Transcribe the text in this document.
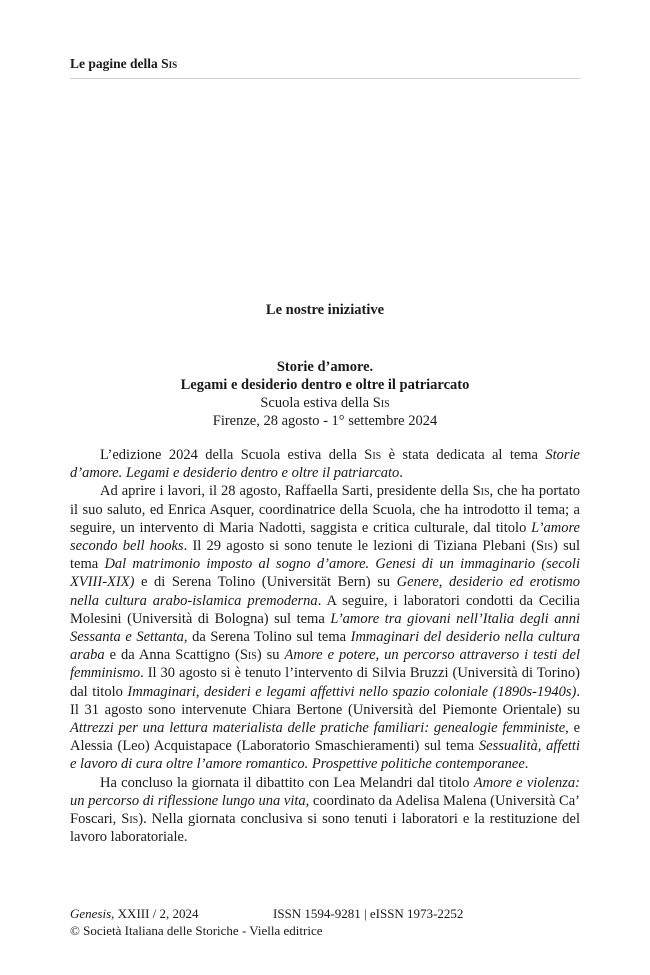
Le pagine della Sis
Le nostre iniziative
Storie d’amore.
Legami e desiderio dentro e oltre il patriarcato
Scuola estiva della Sis
Firenze, 28 agosto - 1° settembre 2024

L’edizione 2024 della Scuola estiva della Sis è stata dedicata al tema Storie d’amore. Legami e desiderio dentro e oltre il patriarcato.

Ad aprire i lavori, il 28 agosto, Raffaella Sarti, presidente della Sis, che ha portato il suo saluto, ed Enrica Asquer, coordinatrice della Scuola, che ha introdotto il tema; a seguire, un intervento di Maria Nadotti, saggista e critica culturale, dal titolo L’amore secondo bell hooks. Il 29 agosto si sono tenute le lezioni di Tiziana Plebani (Sis) sul tema Dal matrimonio imposto al sogno d’amore. Genesi di un immaginario (secoli XVIII-XIX) e di Serena Tolino (Universität Bern) su Genere, desiderio ed erotismo nella cultura arabo-islamica premoderna. A seguire, i laboratori condotti da Cecilia Molesini (Università di Bologna) sul tema L’amore tra giovani nell’Italia degli anni Sessanta e Settanta, da Serena Tolino sul tema Immaginari del desiderio nella cultura araba e da Anna Scattigno (Sis) su Amore e potere, un percorso attraverso i testi del femminismo. Il 30 agosto si è tenuto l’intervento di Silvia Bruzzi (Università di Torino) dal titolo Immaginari, desideri e legami affettivi nello spazio coloniale (1890s-1940s). Il 31 agosto sono intervenute Chiara Bertone (Università del Piemonte Orientale) su Attrezzi per una lettura materialista delle pratiche familiari: genealogie femministe, e Alessia (Leo) Acquistapace (Laboratorio Smaschieramenti) sul tema Sessualità, affetti e lavoro di cura oltre l’amore romantico. Prospettive politiche contemporanee.

Ha concluso la giornata il dibattito con Lea Melandri dal titolo Amore e violenza: un percorso di riflessione lungo una vita, coordinato da Adelisa Malena (Università Ca’ Foscari, Sis). Nella giornata conclusiva si sono tenuti i laboratori e la restituzione del lavoro laboratoriale.

Genesis, XXIII / 2, 2024	ISSN 1594-9281 | eISSN 1973-2252
© Società Italiana delle Storiche - Viella editrice
